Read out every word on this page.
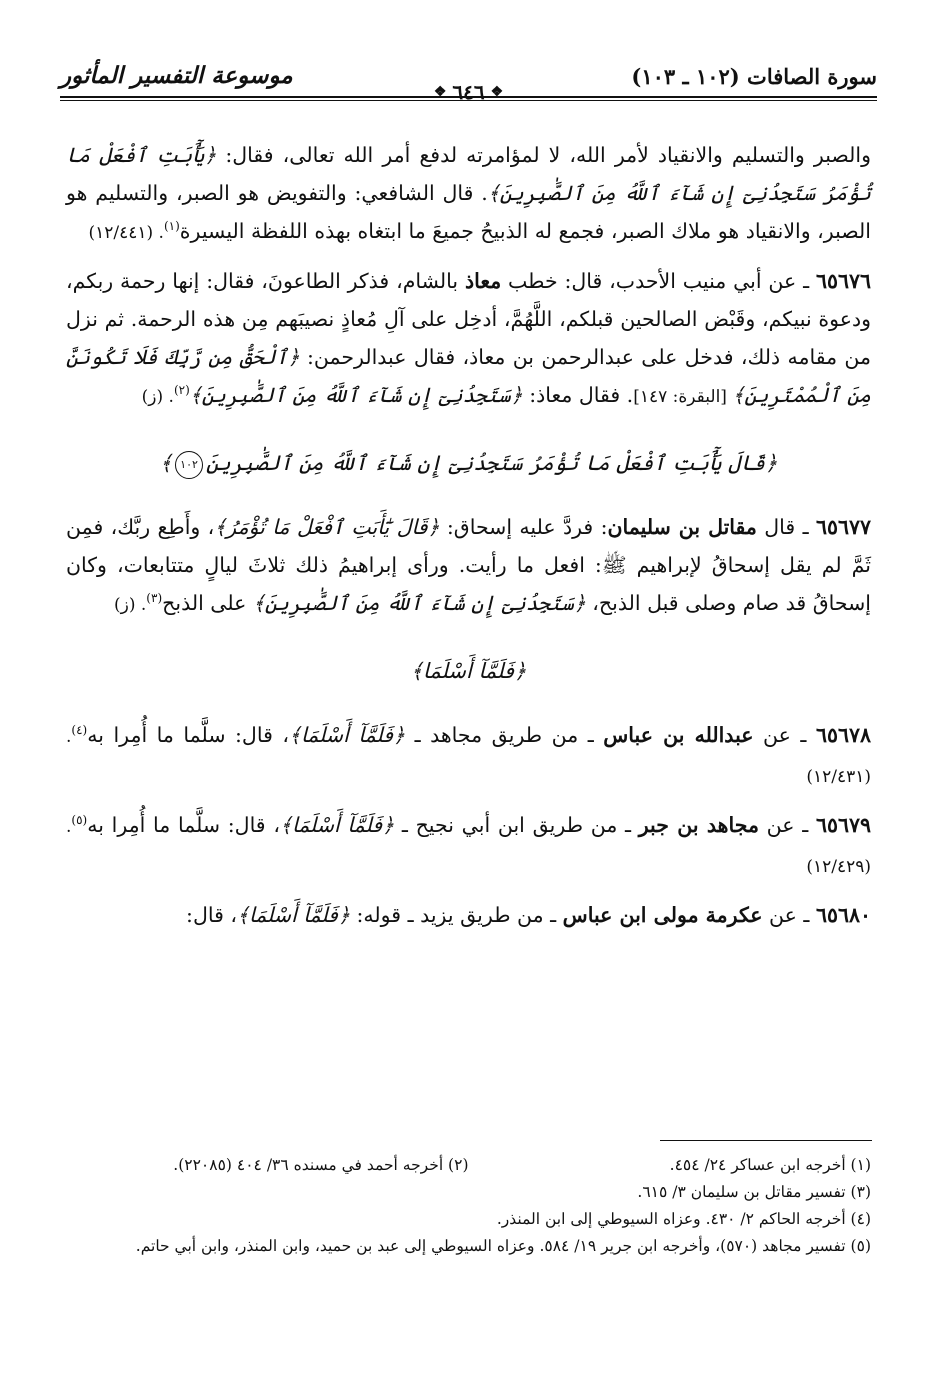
سورة الصافات (١٠٢ ـ ١٠٣)
❖
٦٤٦
❖
موسوعة التفسير المأثور

والصبر والتسليم والانقياد لأمر الله، لا لمؤامرته لدفع أمر الله تعالى، فقال: ﴿يَٰٓأَبَتِ ٱفْعَلْ مَا تُؤْمَرُ سَتَجِدُنِىٓ إِن شَآءَ ٱللَّهُ مِنَ ٱلصَّٰبِرِينَ﴾. قال الشافعي: والتفويض هو الصبر، والتسليم هو الصبر، والانقياد هو ملاك الصبر، فجمع له الذبيحُ جميعَ ما ابتغاه بهذه اللفظة اليسيرة$^{(١)}$. (١٢/٤٤١)

٦٥٦٧٦ ـ عن أبي منيب الأحدب، قال: خطب معاذ بالشام، فذكر الطاعونَ، فقال: إنها رحمة ربكم، ودعوة نبيكم، وقَبْض الصالحين قبلكم، اللَّهُمَّ، أدخِل على آلِ مُعاذٍ نصيبَهم مِن هذه الرحمة. ثم نزل من مقامه ذلك، فدخل على عبدالرحمن بن معاذ، فقال عبدالرحمن: ﴿ٱلْحَقُّ مِن رَّبِّكَ فَلَا تَكُونَنَّ مِنَ ٱلْمُمْتَرِينَ﴾ [البقرة: ١٤٧]. فقال معاذ: ﴿سَتَجِدُنِىٓ إِن شَآءَ ٱللَّهُ مِنَ ٱلصَّٰبِرِينَ﴾$^{(٢)}$. (ز)

﴿قَالَ يَٰٓأَبَتِ ٱفْعَلْ مَا تُؤْمَرُ سَتَجِدُنِىٓ إِن شَآءَ ٱللَّهُ مِنَ ٱلصَّٰبِرِينَ١٠٢﴾

٦٥٦٧٧ ـ قال مقاتل بن سليمان: فردَّ عليه إسحاق: ﴿قَالَ يَٰٓأَبَتِ ٱفْعَلْ مَا تُؤْمَرُ﴾، وأَطِع ربَّك، فمِن ثَمَّ لم يقل إسحاقُ لإبراهيم ﷺ: افعل ما رأيت. ورأى إبراهيمُ ذلك ثلاثَ ليالٍ متتابعات، وكان إسحاقُ قد صام وصلى قبل الذبح، ﴿سَتَجِدُنِىٓ إِن شَآءَ ٱللَّهُ مِنَ ٱلصَّٰبِرِينَ﴾ على الذبح$^{(٣)}$. (ز)

﴿فَلَمَّآ أَسْلَمَا﴾

٦٥٦٧٨ ـ عن عبدالله بن عباس ـ من طريق مجاهد ـ ﴿فَلَمَّآ أَسْلَمَا﴾، قال: سلَّما ما أُمِرا به$^{(٤)}$. (١٢/٤٣١)

٦٥٦٧٩ ـ عن مجاهد بن جبر ـ من طريق ابن أبي نجيح ـ ﴿فَلَمَّآ أَسْلَمَا﴾، قال: سلَّما ما أُمِرا به$^{(٥)}$. (١٢/٤٢٩)

٦٥٦٨٠ ـ عن عكرمة مولى ابن عباس ـ من طريق يزيد ـ قوله: ﴿فَلَمَّآ أَسْلَمَا﴾، قال:

(١) أخرجه ابن عساكر ٢٤/ ٤٥٤.
(٢) أخرجه أحمد في مسنده ٣٦/ ٤٠٤ (٢٢٠٨٥).

(٣) تفسير مقاتل بن سليمان ٣/ ٦١٥.

(٤) أخرجه الحاكم ٢/ ٤٣٠. وعزاه السيوطي إلى ابن المنذر.

(٥) تفسير مجاهد (٥٧٠)، وأخرجه ابن جرير ١٩/ ٥٨٤. وعزاه السيوطي إلى عبد بن حميد، وابن المنذر، وابن أبي حاتم.
